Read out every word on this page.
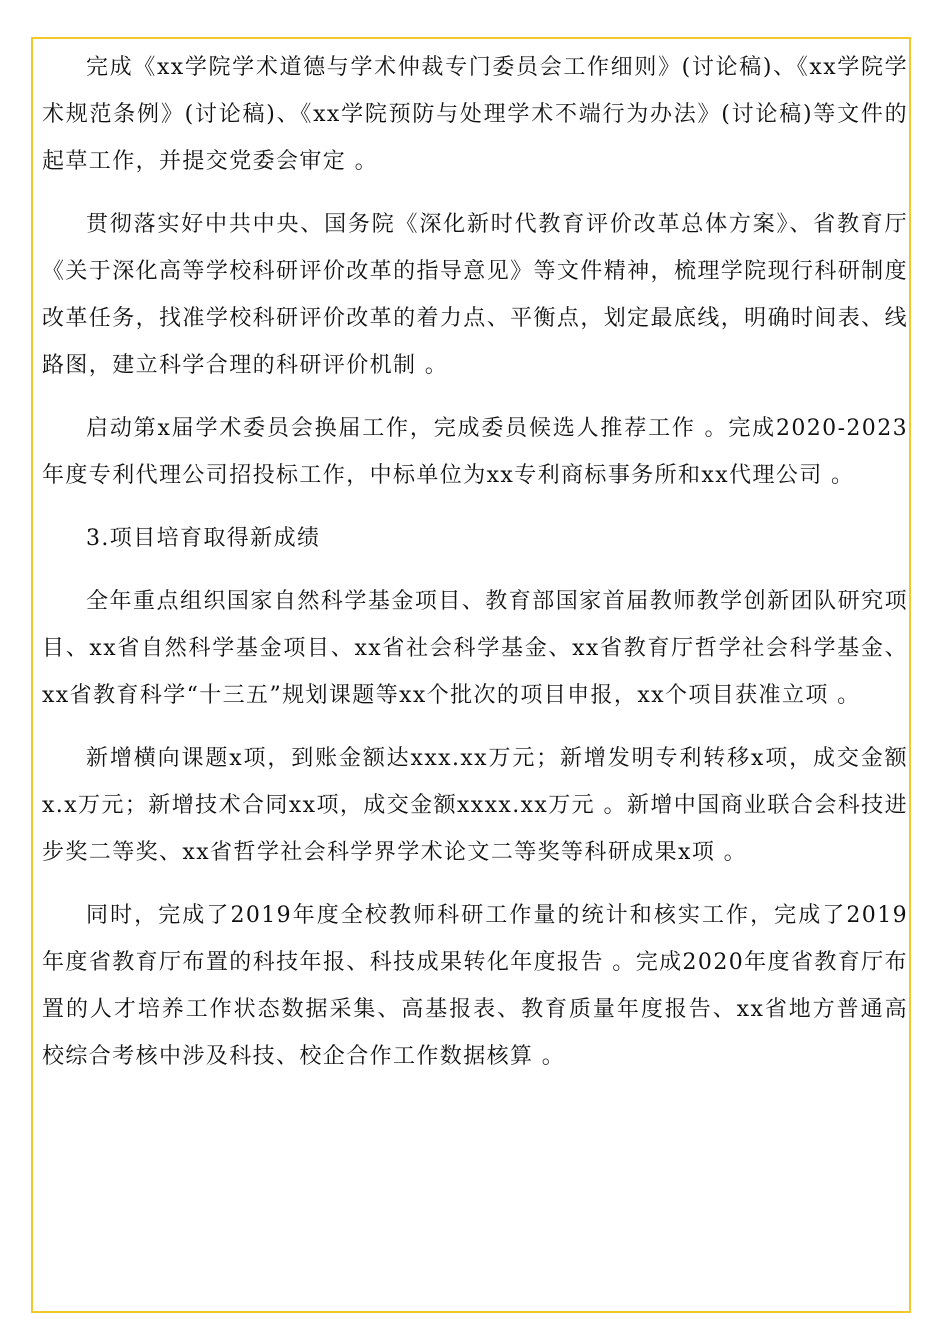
完成《xx学院学术道德与学术仲裁专门委员会工作细则》(讨论稿)、《xx学院学术规范条例》(讨论稿)、《xx学院预防与处理学术不端行为办法》(讨论稿)等文件的起草工作，并提交党委会审定 。

贯彻落实好中共中央、国务院《深化新时代教育评价改革总体方案》、省教育厅《关于深化高等学校科研评价改革的指导意见》等文件精神，梳理学院现行科研制度改革任务，找准学校科研评价改革的着力点、平衡点，划定最底线，明确时间表、线路图，建立科学合理的科研评价机制 。

启动第x届学术委员会换届工作，完成委员候选人推荐工作 。完成2020-2023年度专利代理公司招投标工作，中标单位为xx专利商标事务所和xx代理公司 。

3.项目培育取得新成绩

全年重点组织国家自然科学基金项目、教育部国家首届教师教学创新团队研究项目、xx省自然科学基金项目、xx省社会科学基金、xx省教育厅哲学社会科学基金、xx省教育科学“十三五”规划课题等xx个批次的项目申报，xx个项目获准立项 。

新增横向课题x项，到账金额达xxx.xx万元；新增发明专利转移x项，成交金额x.x万元；新增技术合同xx项，成交金额xxxx.xx万元 。新增中国商业联合会科技进步奖二等奖、xx省哲学社会科学界学术论文二等奖等科研成果x项 。

同时，完成了2019年度全校教师科研工作量的统计和核实工作，完成了2019年度省教育厅布置的科技年报、科技成果转化年度报告 。完成2020年度省教育厅布置的人才培养工作状态数据采集、高基报表、教育质量年度报告、xx省地方普通高校综合考核中涉及科技、校企合作工作数据核算 。
